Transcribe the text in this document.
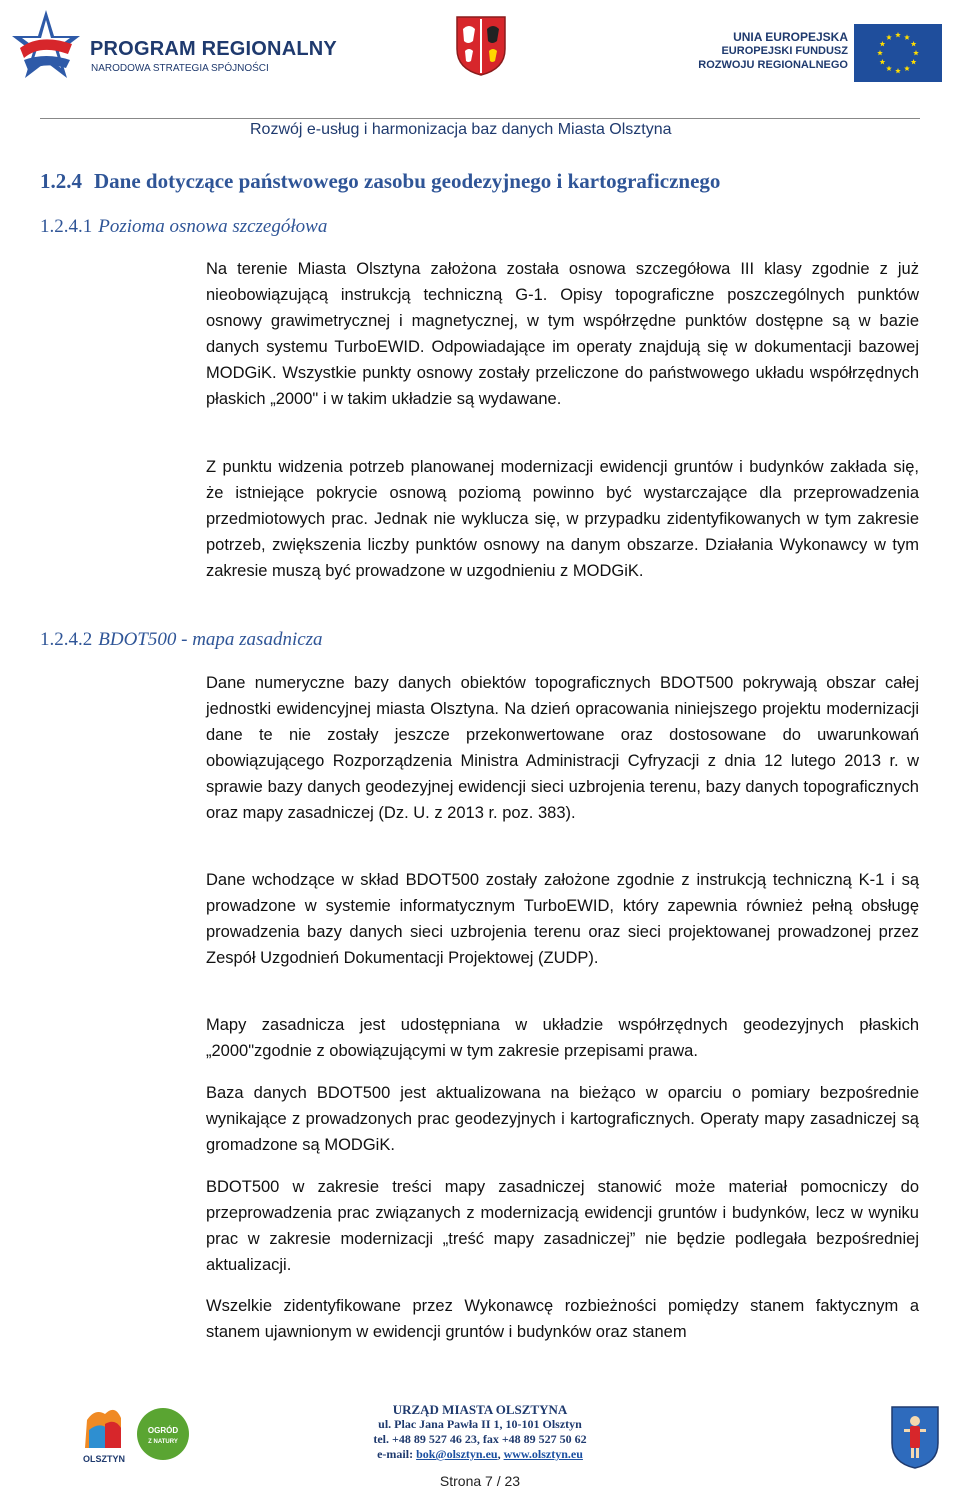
PROGRAM REGIONALNY
NARODOWA STRATEGIA SPÓJNOŚCI
UNIA EUROPEJSKA
EUROPEJSKI FUNDUSZ
ROZWOJU REGIONALNEGO
Rozwój e-usług i harmonizacja baz danych Miasta Olsztyna
1.2.4 Dane dotyczące państwowego zasobu geodezyjnego i kartograficznego
1.2.4.1 Pozioma osnowa szczegółowa
Na terenie Miasta Olsztyna założona została osnowa szczegółowa III klasy zgodnie z już nieobowiązującą instrukcją techniczną G-1. Opisy topograficzne poszczególnych punktów osnowy grawimetrycznej i magnetycznej, w tym współrzędne punktów dostępne są w bazie danych systemu TurboEWID. Odpowiadające im operaty znajdują się w dokumentacji bazowej MODGiK. Wszystkie punkty osnowy zostały przeliczone do państwowego układu współrzędnych płaskich „2000" i w takim układzie są wydawane.
Z punktu widzenia potrzeb planowanej modernizacji ewidencji gruntów i budynków zakłada się, że istniejące pokrycie osnową poziomą powinno być wystarczające dla przeprowadzenia przedmiotowych prac. Jednak nie wyklucza się, w przypadku zidentyfikowanych w tym zakresie potrzeb, zwiększenia liczby punktów osnowy na danym obszarze. Działania Wykonawcy w tym zakresie muszą być prowadzone w uzgodnieniu z MODGiK.
1.2.4.2 BDOT500 - mapa zasadnicza
Dane numeryczne bazy danych obiektów topograficznych BDOT500 pokrywają obszar całej jednostki ewidencyjnej miasta Olsztyna. Na dzień opracowania niniejszego projektu modernizacji dane te nie zostały jeszcze przekonwertowane oraz dostosowane do uwarunkowań obowiązującego Rozporządzenia Ministra Administracji Cyfryzacji z dnia 12 lutego 2013 r. w sprawie bazy danych geodezyjnej ewidencji sieci uzbrojenia terenu, bazy danych topograficznych oraz mapy zasadniczej (Dz. U. z 2013 r. poz. 383).
Dane wchodzące w skład BDOT500 zostały założone zgodnie z instrukcją techniczną K-1 i są prowadzone w systemie informatycznym TurboEWID, który zapewnia również pełną obsługę prowadzenia bazy danych sieci uzbrojenia terenu oraz sieci projektowanej prowadzonej przez Zespół Uzgodnień Dokumentacji Projektowej (ZUDP).
Mapy zasadnicza jest udostępniana w układzie współrzędnych geodezyjnych płaskich „2000"zgodnie z obowiązującymi w tym zakresie przepisami prawa.
Baza danych BDOT500 jest aktualizowana na bieżąco w oparciu o pomiary bezpośrednie wynikające z prowadzonych prac geodezyjnych i kartograficznych. Operaty mapy zasadniczej są gromadzone są MODGiK.
BDOT500 w zakresie treści mapy zasadniczej stanowić może materiał pomocniczy do przeprowadzenia prac związanych z modernizacją ewidencji gruntów i budynków, lecz w wyniku prac w zakresie modernizacji „treść mapy zasadniczej” nie będzie podlegała bezpośredniej aktualizacji.
Wszelkie zidentyfikowane przez Wykonawcę rozbieżności pomiędzy stanem faktycznym a stanem ujawnionym w ewidencji gruntów i budynków oraz stanem
OLSZTYN
OGRÓD
Z NATURY
URZĄD MIASTA OLSZTYNA
ul. Plac Jana Pawła II 1, 10-101 Olsztyn
tel. +48 89 527 46 23, fax +48 89 527 50 62
e-mail: bok@olsztyn.eu, www.olsztyn.eu
Strona 7 / 23
